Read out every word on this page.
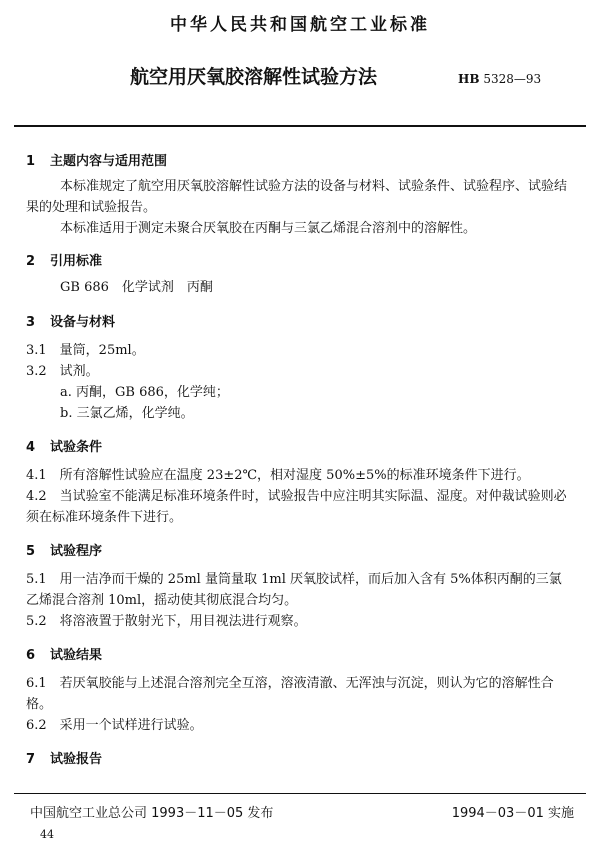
中华人民共和国航空工业标准
航空用厌氧胶溶解性试验方法	HB 5328—93
1 主题内容与适用范围
本标准规定了航空用厌氧胶溶解性试验方法的设备与材料、试验条件、试验程序、试验结
果的处理和试验报告。
本标准适用于测定未聚合厌氧胶在丙酮与三氯乙烯混合溶剂中的溶解性。
2 引用标准
GB 686　化学试剂　丙酮
3 设备与材料
3.1　量筒，25ml。
3.2　试剂。
a. 丙酮，GB 686，化学纯；
b. 三氯乙烯，化学纯。
4 试验条件
4.1　所有溶解性试验应在温度 23±2℃，相对湿度 50%±5%的标准环境条件下进行。
4.2　当试验室不能满足标准环境条件时，试验报告中应注明其实际温、湿度。对仲裁试验则必
须在标准环境条件下进行。
5 试验程序
5.1　用一洁净而干燥的 25ml 量筒量取 1ml 厌氧胶试样，而后加入含有 5%体积丙酮的三氯
乙烯混合溶剂 10ml，摇动使其彻底混合均匀。
5.2　将溶液置于散射光下，用目视法进行观察。
6 试验结果
6.1　若厌氧胶能与上述混合溶剂完全互溶，溶液清澈、无浑浊与沉淀，则认为它的溶解性合
格。
6.2　采用一个试样进行试验。
7 试验报告
中国航空工业总公司 1993－11－05 发布	1994－03－01 实施
44
